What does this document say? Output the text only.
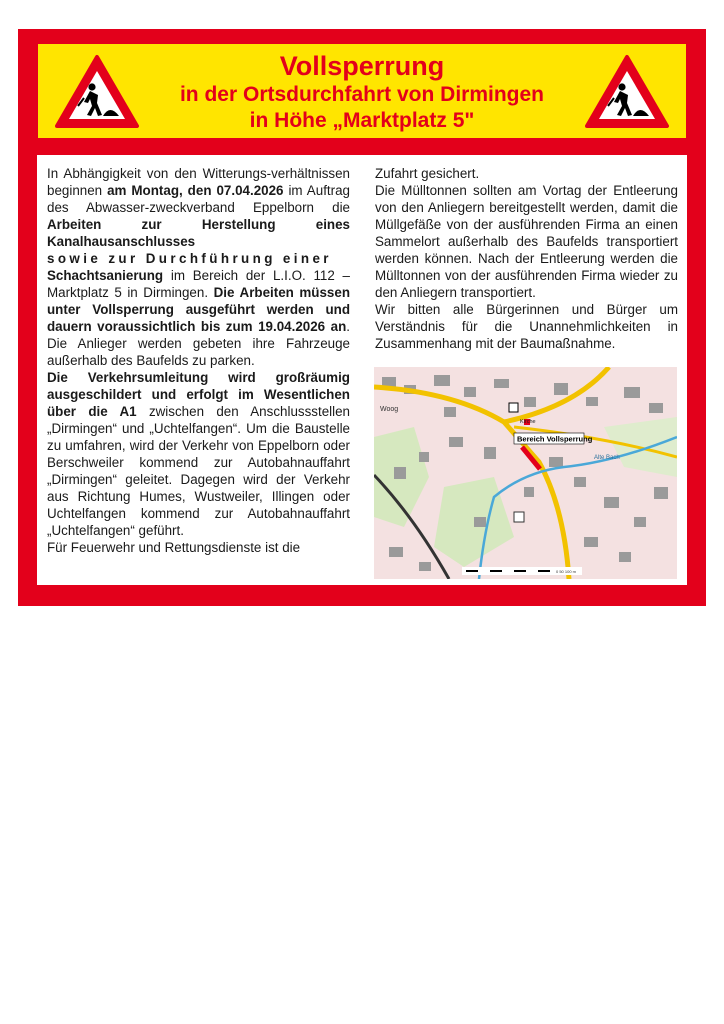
Vollsperrung
in der Ortsdurchfahrt von Dirmingen
in Höhe „Marktplatz 5"

In Abhängigkeit von den Witterungs-verhältnissen beginnen am Montag, den 07.04.2026 im Auftrag des Abwasser-zweckverband Eppelborn die Arbeiten zur Herstellung eines Kanalhausanschlusses
sowie zur Durchführung einer
Schachtsanierung im Bereich der L.I.O. 112 – Marktplatz 5 in Dirmingen. Die Arbeiten müssen unter Vollsperrung ausgeführt werden und dauern voraussichtlich bis zum 19.04.2026 an. Die Anlieger werden gebeten ihre Fahrzeuge außerhalb des Baufelds zu parken.

Die Verkehrsumleitung wird großräumig ausgeschildert und erfolgt im Wesentlichen über die A1 zwischen den Anschlussstellen „Dirmingen“ und „Uchtelfangen“. Um die Baustelle zu umfahren, wird der Verkehr von Eppelborn oder Berschweiler kommend zur Autobahnauffahrt „Dirmingen“ geleitet. Dagegen wird der Verkehr aus Richtung Humes, Wustweiler, Illingen oder Uchtelfangen kommend zur Autobahnauffahrt „Uchtelfangen“ geführt.

Für Feuerwehr und Rettungsdienste ist die

Zufahrt gesichert.

Die Mülltonnen sollten am Vortag der Entleerung von den Anliegern bereitgestellt werden, damit die Müllgefäße von der ausführenden Firma an einen Sammelort außerhalb des Baufelds transportiert werden können. Nach der Entleerung werden die Mülltonnen von der ausführenden Firma wieder zu den Anliegern transportiert.

Wir bitten alle Bürgerinnen und Bürger um Verständnis für die Unannehmlichkeiten in Zusammenhang mit der Baumaßnahme.

Bereich Vollsperrung
Woog
Kirche
Alte Bach
0 50 100 m
